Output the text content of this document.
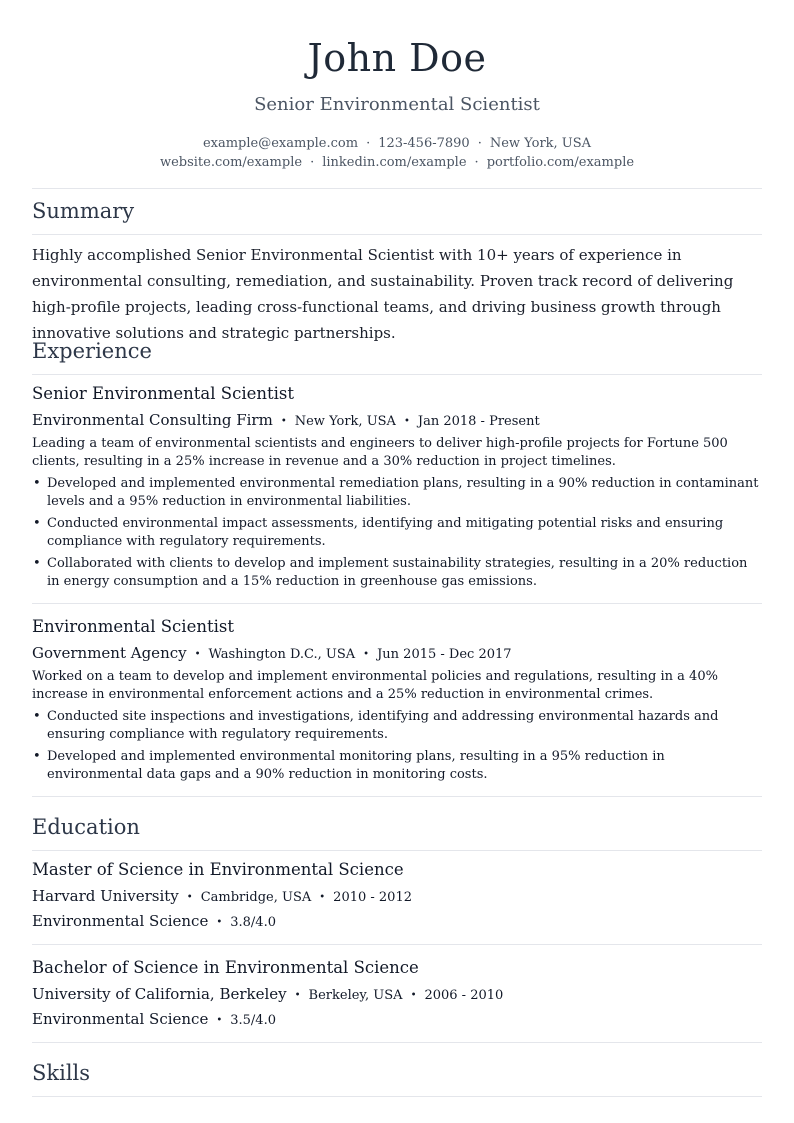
John Doe
Senior Environmental Scientist
example@example.com · 123-456-7890 · New York, USA
website.com/example · linkedin.com/example · portfolio.com/example
Summary
Highly accomplished Senior Environmental Scientist with 10+ years of experience in environmental consulting, remediation, and sustainability. Proven track record of delivering high-profile projects, leading cross-functional teams, and driving business growth through innovative solutions and strategic partnerships.
Experience
Senior Environmental Scientist
Environmental Consulting Firm • New York, USA • Jan 2018 - Present
Leading a team of environmental scientists and engineers to deliver high-profile projects for Fortune 500 clients, resulting in a 25% increase in revenue and a 30% reduction in project timelines.
• Developed and implemented environmental remediation plans, resulting in a 90% reduction in contaminant levels and a 95% reduction in environmental liabilities.
• Conducted environmental impact assessments, identifying and mitigating potential risks and ensuring compliance with regulatory requirements.
• Collaborated with clients to develop and implement sustainability strategies, resulting in a 20% reduction in energy consumption and a 15% reduction in greenhouse gas emissions.
Environmental Scientist
Government Agency • Washington D.C., USA • Jun 2015 - Dec 2017
Worked on a team to develop and implement environmental policies and regulations, resulting in a 40% increase in environmental enforcement actions and a 25% reduction in environmental crimes.
• Conducted site inspections and investigations, identifying and addressing environmental hazards and ensuring compliance with regulatory requirements.
• Developed and implemented environmental monitoring plans, resulting in a 95% reduction in environmental data gaps and a 90% reduction in monitoring costs.
Education
Master of Science in Environmental Science
Harvard University • Cambridge, USA • 2010 - 2012
Environmental Science • 3.8/4.0
Bachelor of Science in Environmental Science
University of California, Berkeley • Berkeley, USA • 2006 - 2010
Environmental Science • 3.5/4.0
Skills
